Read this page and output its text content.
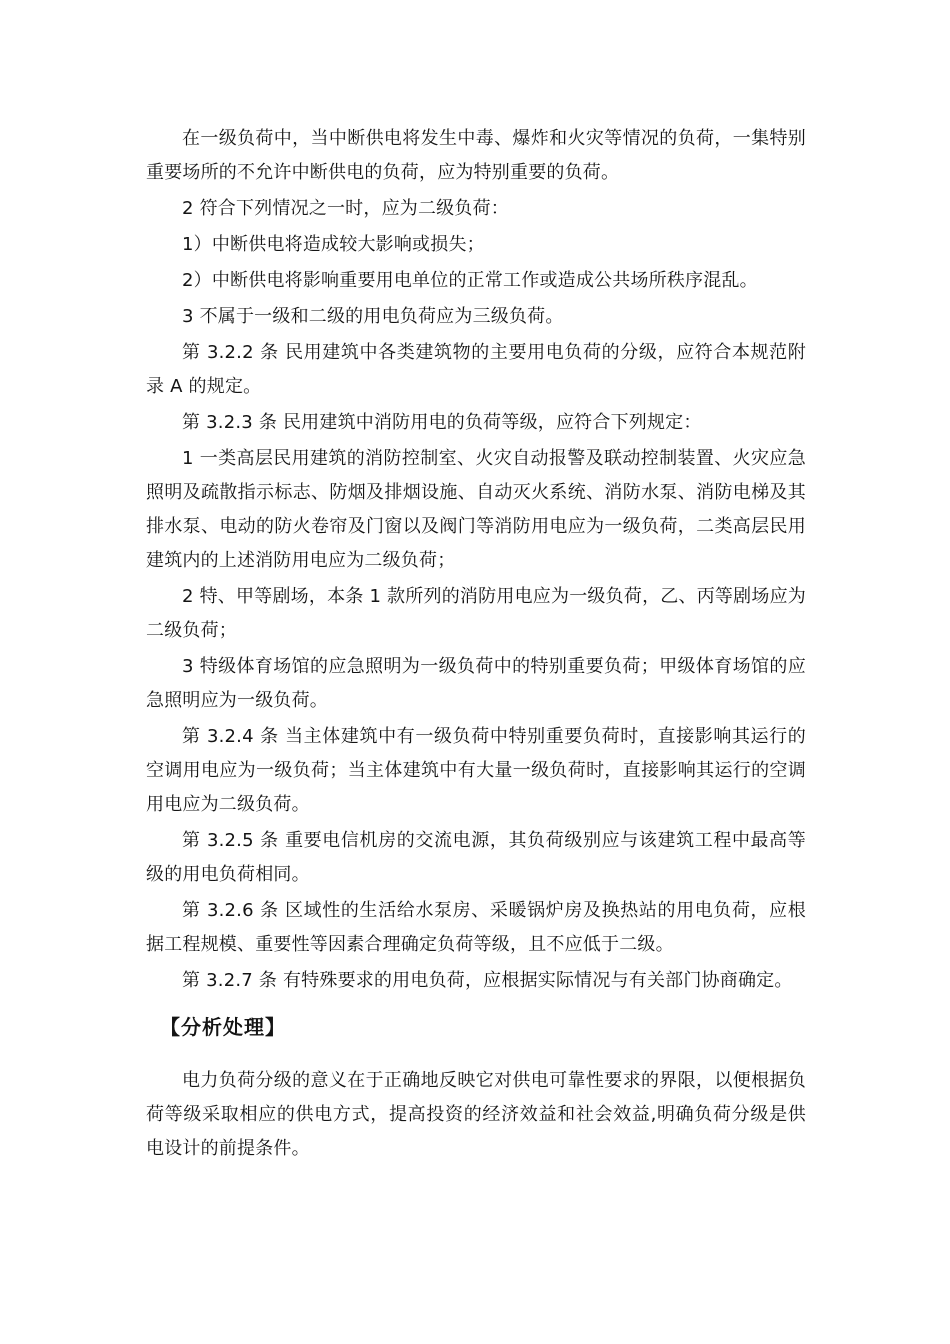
在一级负荷中，当中断供电将发生中毒、爆炸和火灾等情况的负荷，一集特别重要场所的不允许中断供电的负荷，应为特别重要的负荷。

2 符合下列情况之一时，应为二级负荷：

1）中断供电将造成较大影响或损失；

2）中断供电将影响重要用电单位的正常工作或造成公共场所秩序混乱。

3 不属于一级和二级的用电负荷应为三级负荷。

第 3.2.2 条 民用建筑中各类建筑物的主要用电负荷的分级，应符合本规范附录 A 的规定。

第 3.2.3 条 民用建筑中消防用电的负荷等级，应符合下列规定：

1 一类高层民用建筑的消防控制室、火灾自动报警及联动控制装置、火灾应急照明及疏散指示标志、防烟及排烟设施、自动灭火系统、消防水泵、消防电梯及其排水泵、电动的防火卷帘及门窗以及阀门等消防用电应为一级负荷，二类高层民用建筑内的上述消防用电应为二级负荷；

2 特、甲等剧场，本条 1 款所列的消防用电应为一级负荷，乙、丙等剧场应为二级负荷；

3 特级体育场馆的应急照明为一级负荷中的特别重要负荷；甲级体育场馆的应急照明应为一级负荷。

第 3.2.4 条 当主体建筑中有一级负荷中特别重要负荷时，直接影响其运行的空调用电应为一级负荷；当主体建筑中有大量一级负荷时，直接影响其运行的空调用电应为二级负荷。

第 3.2.5 条 重要电信机房的交流电源，其负荷级别应与该建筑工程中最高等级的用电负荷相同。

第 3.2.6 条 区域性的生活给水泵房、采暖锅炉房及换热站的用电负荷，应根据工程规模、重要性等因素合理确定负荷等级，且不应低于二级。

第 3.2.7 条 有特殊要求的用电负荷，应根据实际情况与有关部门协商确定。

【分析处理】

电力负荷分级的意义在于正确地反映它对供电可靠性要求的界限，以便根据负荷等级采取相应的供电方式，提高投资的经济效益和社会效益,明确负荷分级是供电设计的前提条件。
